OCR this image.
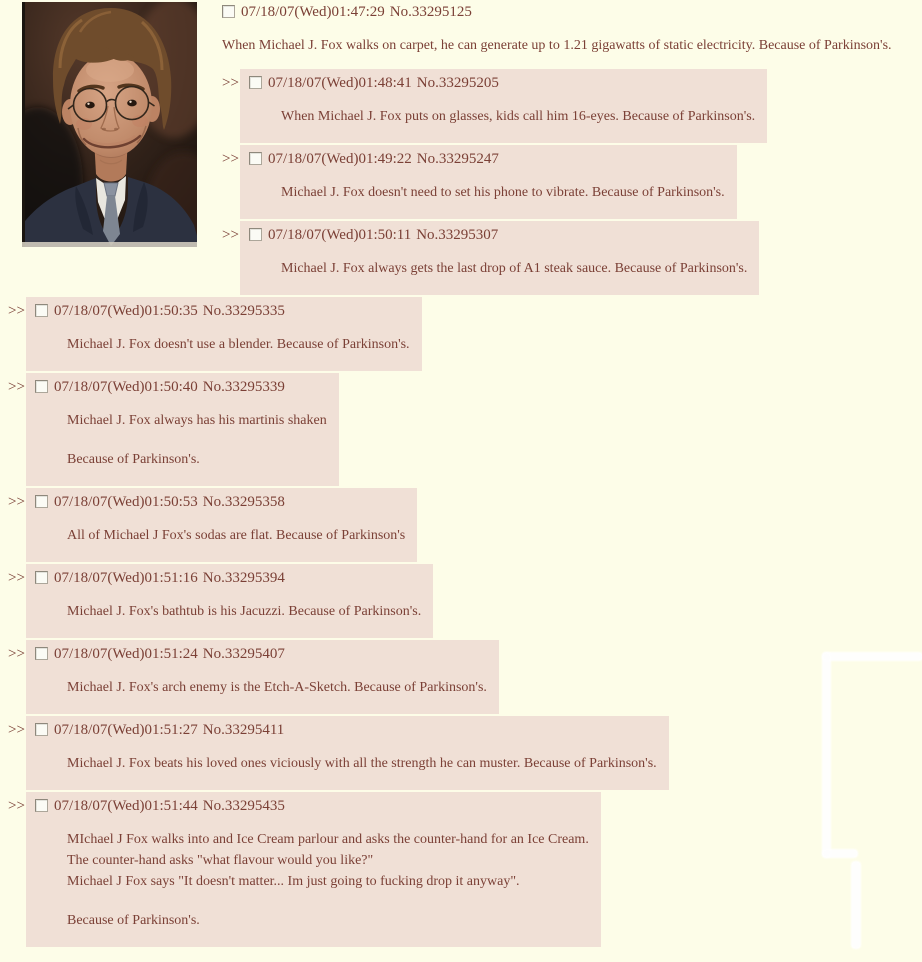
07/18/07(Wed)01:47:29 No.33295125
When Michael J. Fox walks on carpet, he can generate up to 1.21 gigawatts of static electricity. Because of Parkinson's.
>>	07/18/07(Wed)01:48:41 No.33295205
When Michael J. Fox puts on glasses, kids call him 16-eyes. Because of Parkinson's.
>>	07/18/07(Wed)01:49:22 No.33295247
Michael J. Fox doesn't need to set his phone to vibrate. Because of Parkinson's.
>>	07/18/07(Wed)01:50:11 No.33295307
Michael J. Fox always gets the last drop of A1 steak sauce. Because of Parkinson's.
>>	07/18/07(Wed)01:50:35 No.33295335
Michael J. Fox doesn't use a blender. Because of Parkinson's.
>>	07/18/07(Wed)01:50:40 No.33295339
Michael J. Fox always has his martinis shaken
Because of Parkinson's.
>>	07/18/07(Wed)01:50:53 No.33295358
All of Michael J Fox's sodas are flat. Because of Parkinson's
>>	07/18/07(Wed)01:51:16 No.33295394
Michael J. Fox's bathtub is his Jacuzzi. Because of Parkinson's.
>>	07/18/07(Wed)01:51:24 No.33295407
Michael J. Fox's arch enemy is the Etch-A-Sketch. Because of Parkinson's.
>>	07/18/07(Wed)01:51:27 No.33295411
Michael J. Fox beats his loved ones viciously with all the strength he can muster. Because of Parkinson's.
>>	07/18/07(Wed)01:51:44 No.33295435
MIchael J Fox walks into and Ice Cream parlour and asks the counter-hand for an Ice Cream.
The counter-hand asks "what flavour would you like?"
Michael J Fox says "It doesn't matter... Im just going to fucking drop it anyway".
Because of Parkinson's.
